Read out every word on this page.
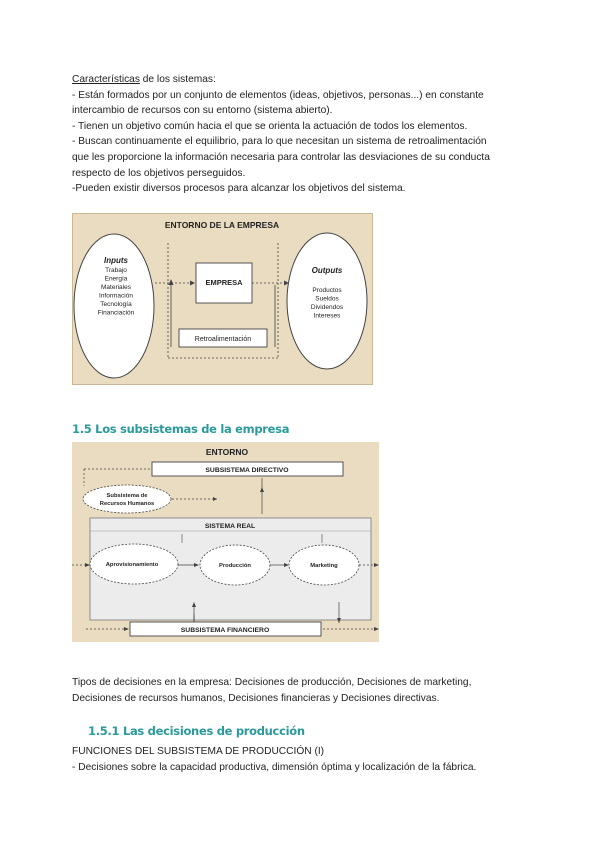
Características de los sistemas:

- Están formados por un conjunto de elementos (ideas, objetivos, personas...) en constante

intercambio de recursos con su entorno (sistema abierto).

- Tienen un objetivo común hacia el que se orienta la actuación de todos los elementos.

- Buscan continuamente el equilibrio, para lo que necesitan un sistema de retroalimentación

que les proporcione la información necesaria para controlar las desviaciones de su conducta

respecto de los objetivos perseguidos.

-Pueden existir diversos procesos para alcanzar los objetivos del sistema.

ENTORNO DE LA EMPRESA
Inputs
Trabajo
Energía
Materiales
Información
Tecnología
Financiación
EMPRESA
Retroalimentación
Outputs
Productos
Sueldos
Dividendos
Intereses
1.5 Los subsistemas de la empresa
ENTORNO
SUBSISTEMA DIRECTIVO
Subsistema de
Recursos Humanos
SISTEMA REAL
Aprovisionamiento	Producción	Marketing
SUBSISTEMA FINANCIERO

Tipos de decisiones en la empresa: Decisiones de producción, Decisiones de marketing,

Decisiones de recursos humanos, Decisiones financieras y Decisiones directivas.

1.5.1 Las decisiones de producción

FUNCIONES DEL SUBSISTEMA DE PRODUCCIÓN (I)

- Decisiones sobre la capacidad productiva, dimensión óptima y localización de la fábrica.
